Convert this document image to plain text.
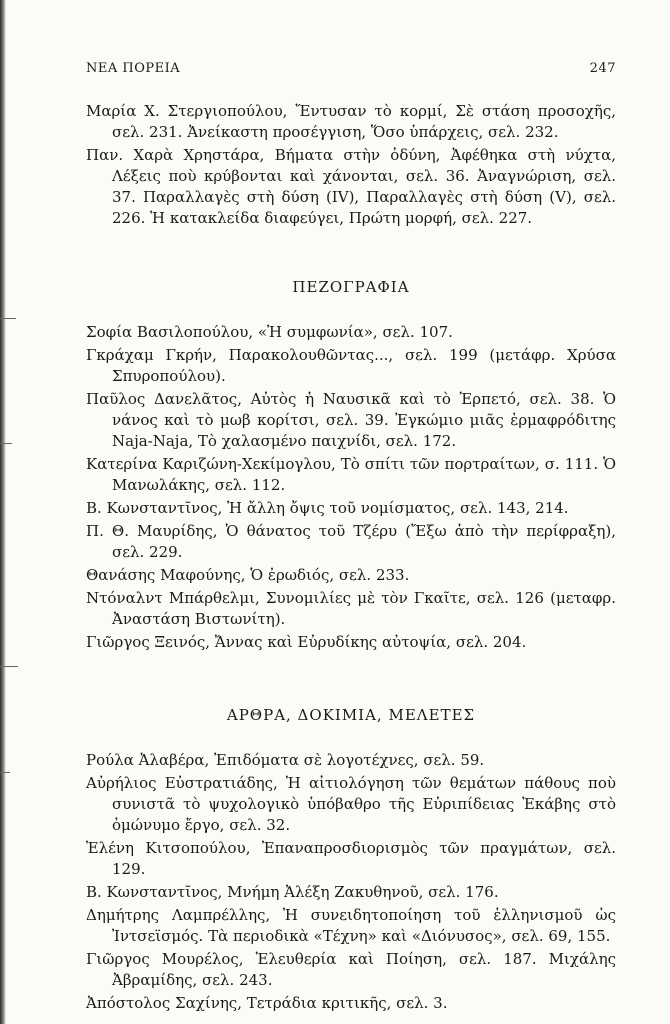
ΝΕΑ ΠΟΡΕΙΑ	247

Μαρία Χ. Στεργιοπούλου, Ἔντυσαν τὸ κορμί, Σὲ στάση προσοχῆς, σελ. 231. Ἀνείκαστη προσέγγιση, Ὅσο ὑπάρχεις, σελ. 232.

Παν. Χαρὰ Χρηστάρα, Βήματα στὴν ὀδύνη, Ἀφέθηκα στὴ νύχτα, Λέξεις ποὺ κρύβονται καὶ χάνονται, σελ. 36. Ἀναγνώριση, σελ. 37. Παραλλαγὲς στὴ δύση (IV), Παραλλαγὲς στὴ δύση (V), σελ. 226. Ἡ κατακλείδα διαφεύγει, Πρώτη μορφή, σελ. 227.

ΠΕΖΟΓΡΑΦΙΑ

Σοφία Βασιλοπούλου, «Ἡ συμφωνία», σελ. 107.

Γκράχαμ Γκρήν, Παρακολουθῶντας..., σελ. 199 (μετάφρ. Χρύσα Σπυροπούλου).

Παῦλος Δανελᾶτος, Αὐτὸς ἡ Ναυσικᾶ καὶ τὸ Ἑρπετό, σελ. 38. Ὁ νάνος καὶ τὸ μωβ κορίτσι, σελ. 39. Ἐγκώμιο μιᾶς ἑρμαφρόδιτης Naja-Naja, Τὸ χαλασμένο παιχνίδι, σελ. 172.

Κατερίνα Καριζώνη-Χεκίμογλου, Τὸ σπίτι τῶν πορτραίτων, σ. 111. Ὁ Μανωλάκης, σελ. 112.

Β. Κωνσταντῖνος, Ἡ ἄλλη ὄψις τοῦ νομίσματος, σελ. 143, 214.

Π. Θ. Μαυρίδης, Ὁ θάνατος τοῦ Τζέρυ (Ἔξω ἀπὸ τὴν περίφραξη), σελ. 229.

Θανάσης Μαφούνης, Ὁ ἐρωδιός, σελ. 233.

Ντόναλντ Μπάρθελμι, Συνομιλίες μὲ τὸν Γκαῖτε, σελ. 126 (μεταφρ. Ἀναστάση Βιστωνίτη).

Γιῶργος Ξεινός, Ἄννας καὶ Εὐρυδίκης αὐτοψία, σελ. 204.

ΑΡΘΡΑ, ΔΟΚΙΜΙΑ, ΜΕΛΕΤΕΣ

Ρούλα Ἀλαβέρα, Ἐπιδόματα σὲ λογοτέχνες, σελ. 59.

Αὐρήλιος Εὐστρατιάδης, Ἡ αἰτιολόγηση τῶν θεμάτων πάθους ποὺ συνιστᾶ τὸ ψυχολογικὸ ὑπόβαθρο τῆς Εὐριπίδειας Ἑκάβης στὸ ὁμώνυμο ἔργο, σελ. 32.

Ἑλένη Κιτσοπούλου, Ἐπαναπροσδιορισμὸς τῶν πραγμάτων, σελ. 129.

Β. Κωνσταντῖνος, Μνήμη Ἀλέξη Ζακυθηνοῦ, σελ. 176.

Δημήτρης Λαμπρέλλης, Ἡ συνειδητοποίηση τοῦ ἑλληνισμοῦ ὡς Ἰντσεϊσμός. Τὰ περιοδικὰ «Τέχνη» καὶ «Διόνυσος», σελ. 69, 155.

Γιῶργος Μουρέλος, Ἐλευθερία καὶ Ποίηση, σελ. 187. Μιχάλης Ἀβραμίδης, σελ. 243.

Ἀπόστολος Σαχίνης, Τετράδια κριτικῆς, σελ. 3.
